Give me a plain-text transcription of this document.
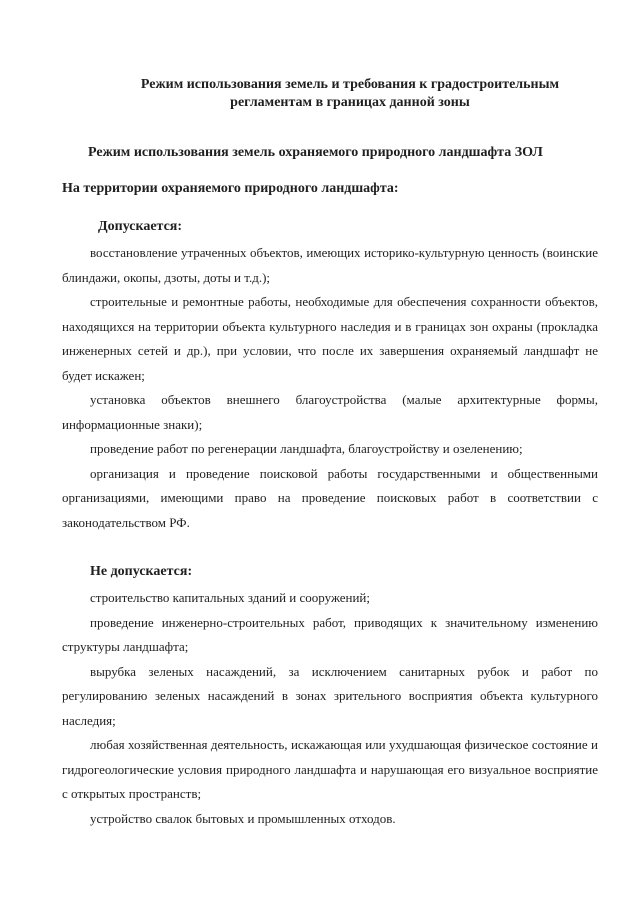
Режим использования земель и требования к градостроительным
регламентам в границах данной зоны
Режим использования земель охраняемого природного ландшафта ЗОЛ
На территории охраняемого природного ландшафта:
Допускается:

восстановление утраченных объектов, имеющих историко-культурную ценность (воинские блиндажи, окопы, дзоты, доты и т.д.);

строительные и ремонтные работы, необходимые для обеспечения сохранности объектов, находящихся на территории объекта культурного наследия и в границах зон охраны (прокладка инженерных сетей и др.), при условии, что после их завершения охраняемый ландшафт не будет искажен;

установка объектов внешнего благоустройства (малые архитектурные формы, информационные знаки);

проведение работ по регенерации ландшафта, благоустройству и озеленению;

организация и проведение поисковой работы государственными и общественными организациями, имеющими право на проведение поисковых работ в соответствии с законодательством РФ.

Не допускается:

строительство капитальных зданий и сооружений;

проведение инженерно-строительных работ, приводящих к значительному изменению структуры ландшафта;

вырубка зеленых насаждений, за исключением санитарных рубок и работ по регулированию зеленых насаждений в зонах зрительного восприятия объекта культурного наследия;

любая хозяйственная деятельность, искажающая или ухудшающая физическое состояние и гидрогеологические условия природного ландшафта и нарушающая его визуальное восприятие с открытых пространств;

устройство свалок бытовых и промышленных отходов.
